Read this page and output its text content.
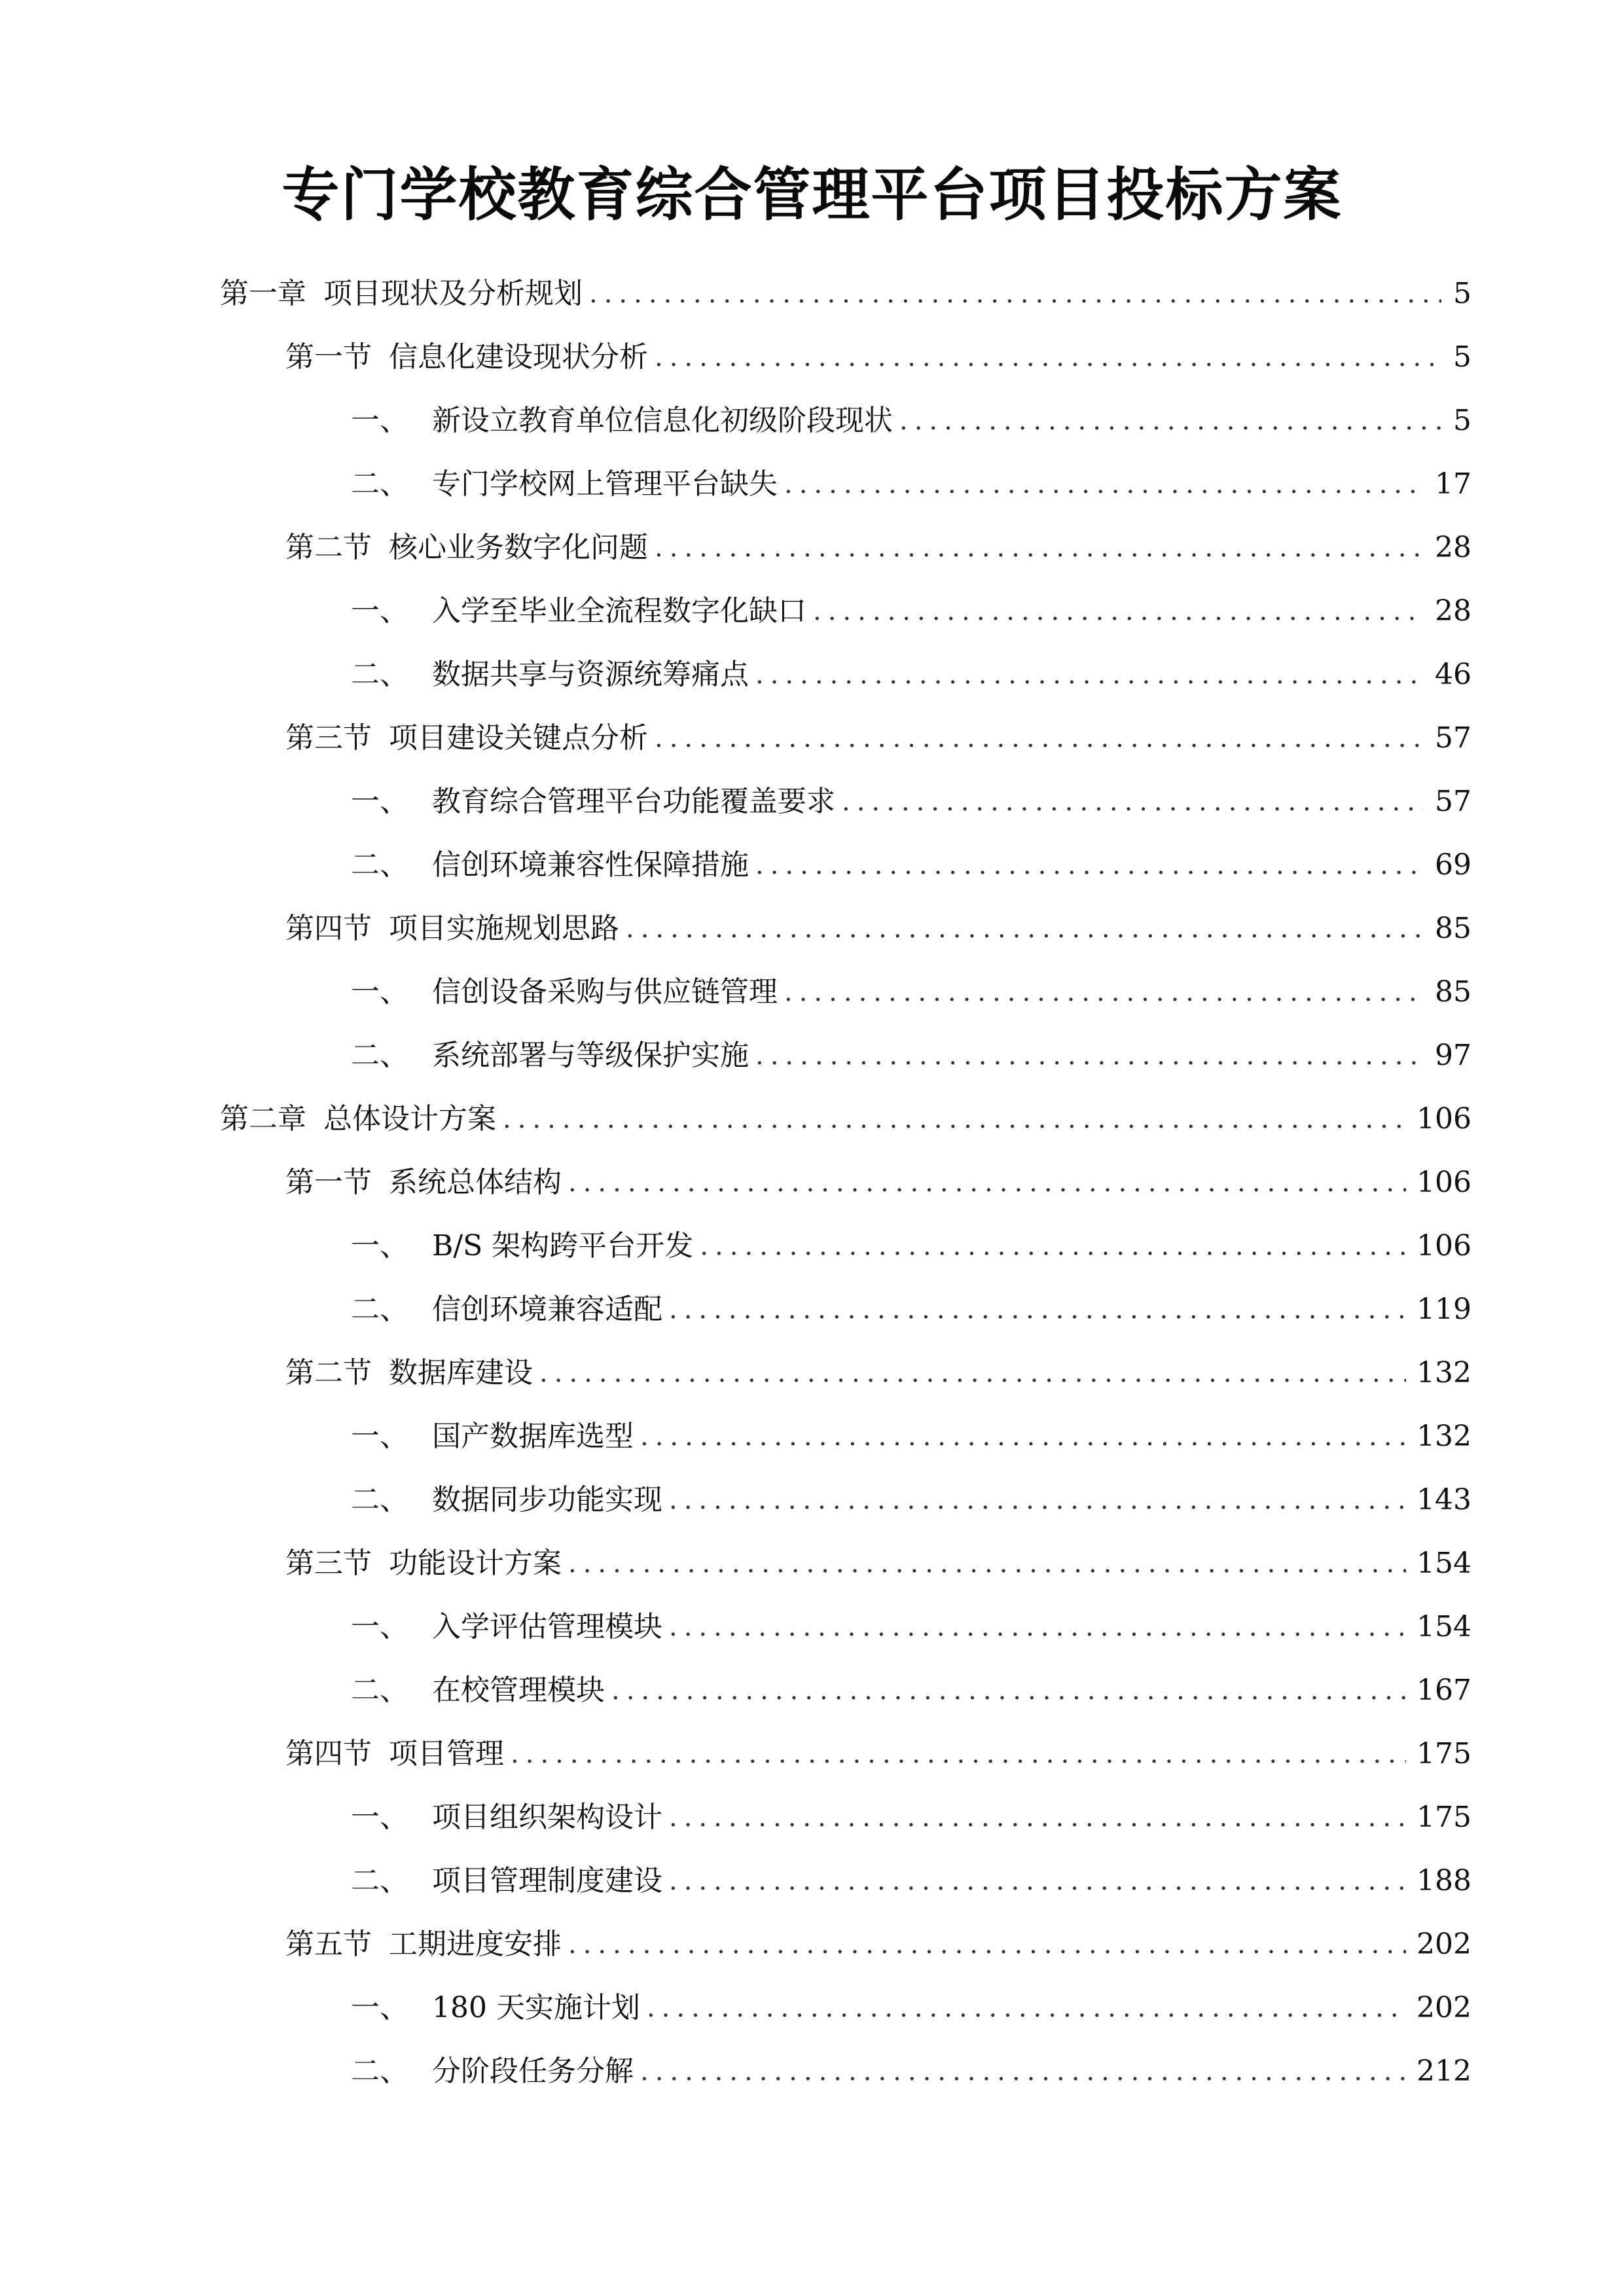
专门学校教育综合管理平台项目投标方案
第一章 项目现状及分析规划 .....	5
第一节 信息化建设现状分析 .....	5
一、 新设立教育单位信息化初级阶段现状 .....	5
二、 专门学校网上管理平台缺失 .....	17
第二节 核心业务数字化问题 .....	28
一、 入学至毕业全流程数字化缺口 .....	28
二、 数据共享与资源统筹痛点 .....	46
第三节 项目建设关键点分析 .....	57
一、 教育综合管理平台功能覆盖要求 .....	57
二、 信创环境兼容性保障措施 .....	69
第四节 项目实施规划思路 .....	85
一、 信创设备采购与供应链管理 .....	85
二、 系统部署与等级保护实施 .....	97
第二章 总体设计方案 .....	106
第一节 系统总体结构 .....	106
一、 B/S 架构跨平台开发 .....	106
二、 信创环境兼容适配 .....	119
第二节 数据库建设 .....	132
一、 国产数据库选型 .....	132
二、 数据同步功能实现 .....	143
第三节 功能设计方案 .....	154
一、 入学评估管理模块 .....	154
二、 在校管理模块 .....	167
第四节 项目管理 .....	175
一、 项目组织架构设计 .....	175
二、 项目管理制度建设 .....	188
第五节 工期进度安排 .....	202
一、 180 天实施计划 .....	202
二、 分阶段任务分解 .....	212
